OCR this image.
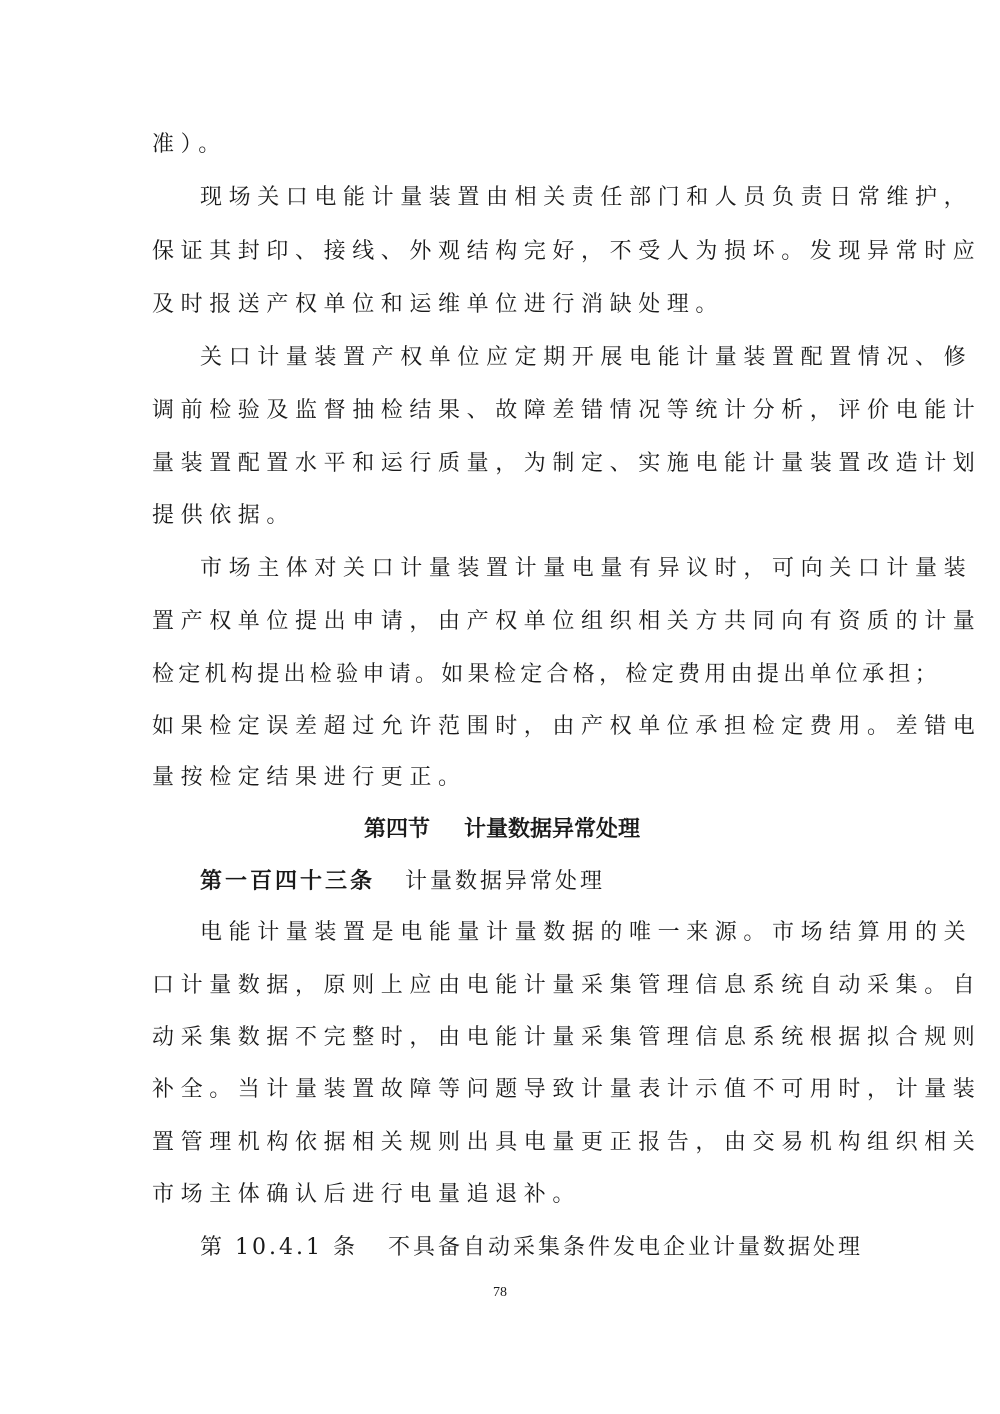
准）。
现场关口电能计量装置由相关责任部门和人员负责日常维护，
保证其封印、接线、外观结构完好，不受人为损坏。发现异常时应
及时报送产权单位和运维单位进行消缺处理。
关口计量装置产权单位应定期开展电能计量装置配置情况、修
调前检验及监督抽检结果、故障差错情况等统计分析，评价电能计
量装置配置水平和运行质量，为制定、实施电能计量装置改造计划
提供依据。
市场主体对关口计量装置计量电量有异议时，可向关口计量装
置产权单位提出申请，由产权单位组织相关方共同向有资质的计量
检定机构提出检验申请。如果检定合格，检定费用由提出单位承担；
如果检定误差超过允许范围时，由产权单位承担检定费用。差错电
量按检定结果进行更正。
第四节 计量数据异常处理
第一百四十三条 计量数据异常处理
电能计量装置是电能量计量数据的唯一来源。市场结算用的关
口计量数据，原则上应由电能计量采集管理信息系统自动采集。自
动采集数据不完整时，由电能计量采集管理信息系统根据拟合规则
补全。当计量装置故障等问题导致计量表计示值不可用时，计量装
置管理机构依据相关规则出具电量更正报告，由交易机构组织相关
市场主体确认后进行电量追退补。
第 10.4.1 条 不具备自动采集条件发电企业计量数据处理
78
